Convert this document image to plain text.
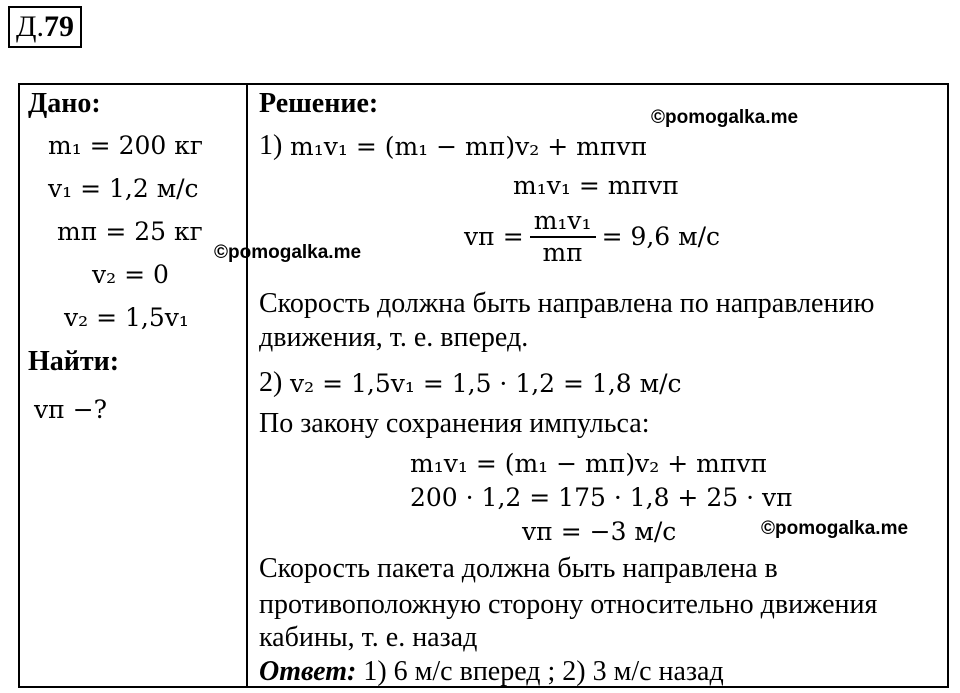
Д.79
Дано:
m₁ = 200 кг
v₁ = 1,2 м/с
mп = 25 кг
v₂ = 0
v₂ = 1,5v₁
Найти:
vп −?
Решение:
1) m₁v₁ = (m₁ − mп)v₂ + mпvп
m₁v₁ = mпvп
vп = $\frac{\text{m₁v₁}}{mп} = 9,6$ м/с
Скорость должна быть направлена по направлению
движения, т. е. вперед.
2) v₂ = 1,5v₁ = 1,5 · 1,2 = 1,8 м/с
По закону сохранения импульса:
m₁v₁ = (m₁ − mп)v₂ + mпvп
200 · 1,2 = 175 · 1,8 + 25 · vп
vп = −3 м/с
Скорость пакета должна быть направлена в
противоположную сторону относительно движения
кабины, т. е. назад
Ответ: 1) 6 м/с вперед ; 2) 3 м/с назад
©pomogalka.me
©pomogalka.me
©pomogalka.me
